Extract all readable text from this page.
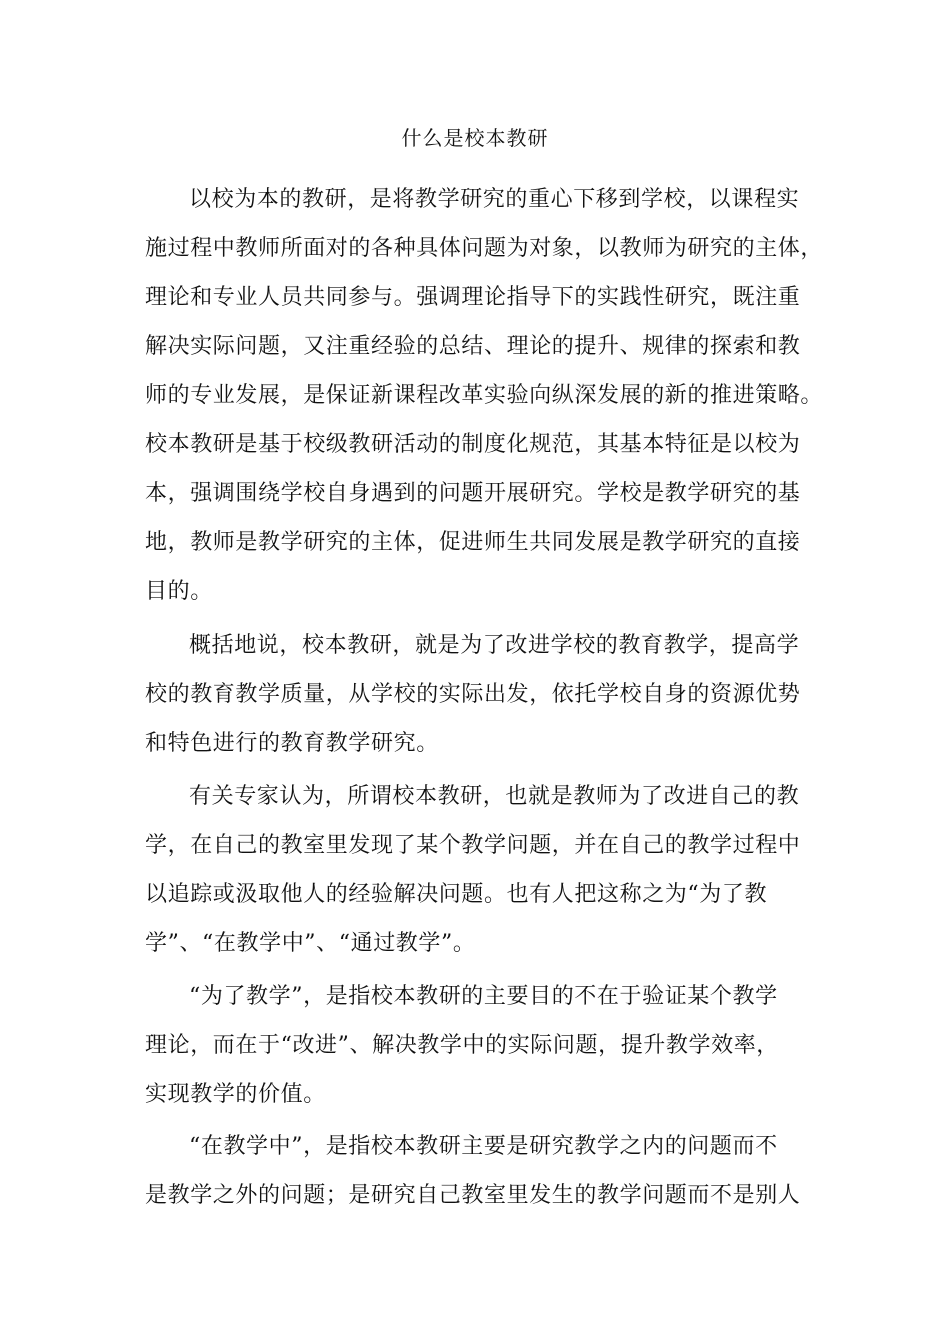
什么是校本教研
以校为本的教研，是将教学研究的重心下移到学校，以课程实
施过程中教师所面对的各种具体问题为对象，以教师为研究的主体，
理论和专业人员共同参与。强调理论指导下的实践性研究，既注重
解决实际问题，又注重经验的总结、理论的提升、规律的探索和教
师的专业发展，是保证新课程改革实验向纵深发展的新的推进策略。
校本教研是基于校级教研活动的制度化规范，其基本特征是以校为
本，强调围绕学校自身遇到的问题开展研究。学校是教学研究的基
地，教师是教学研究的主体，促进师生共同发展是教学研究的直接
目的。
概括地说，校本教研，就是为了改进学校的教育教学，提高学
校的教育教学质量，从学校的实际出发，依托学校自身的资源优势
和特色进行的教育教学研究。
有关专家认为，所谓校本教研，也就是教师为了改进自己的教
学，在自己的教室里发现了某个教学问题，并在自己的教学过程中
以追踪或汲取他人的经验解决问题。也有人把这称之为“为了教
学”、“在教学中”、“通过教学”。
“为了教学”，是指校本教研的主要目的不在于验证某个教学
理论，而在于“改进”、解决教学中的实际问题，提升教学效率，
实现教学的价值。
“在教学中”，是指校本教研主要是研究教学之内的问题而不
是教学之外的问题；是研究自己教室里发生的教学问题而不是别人
